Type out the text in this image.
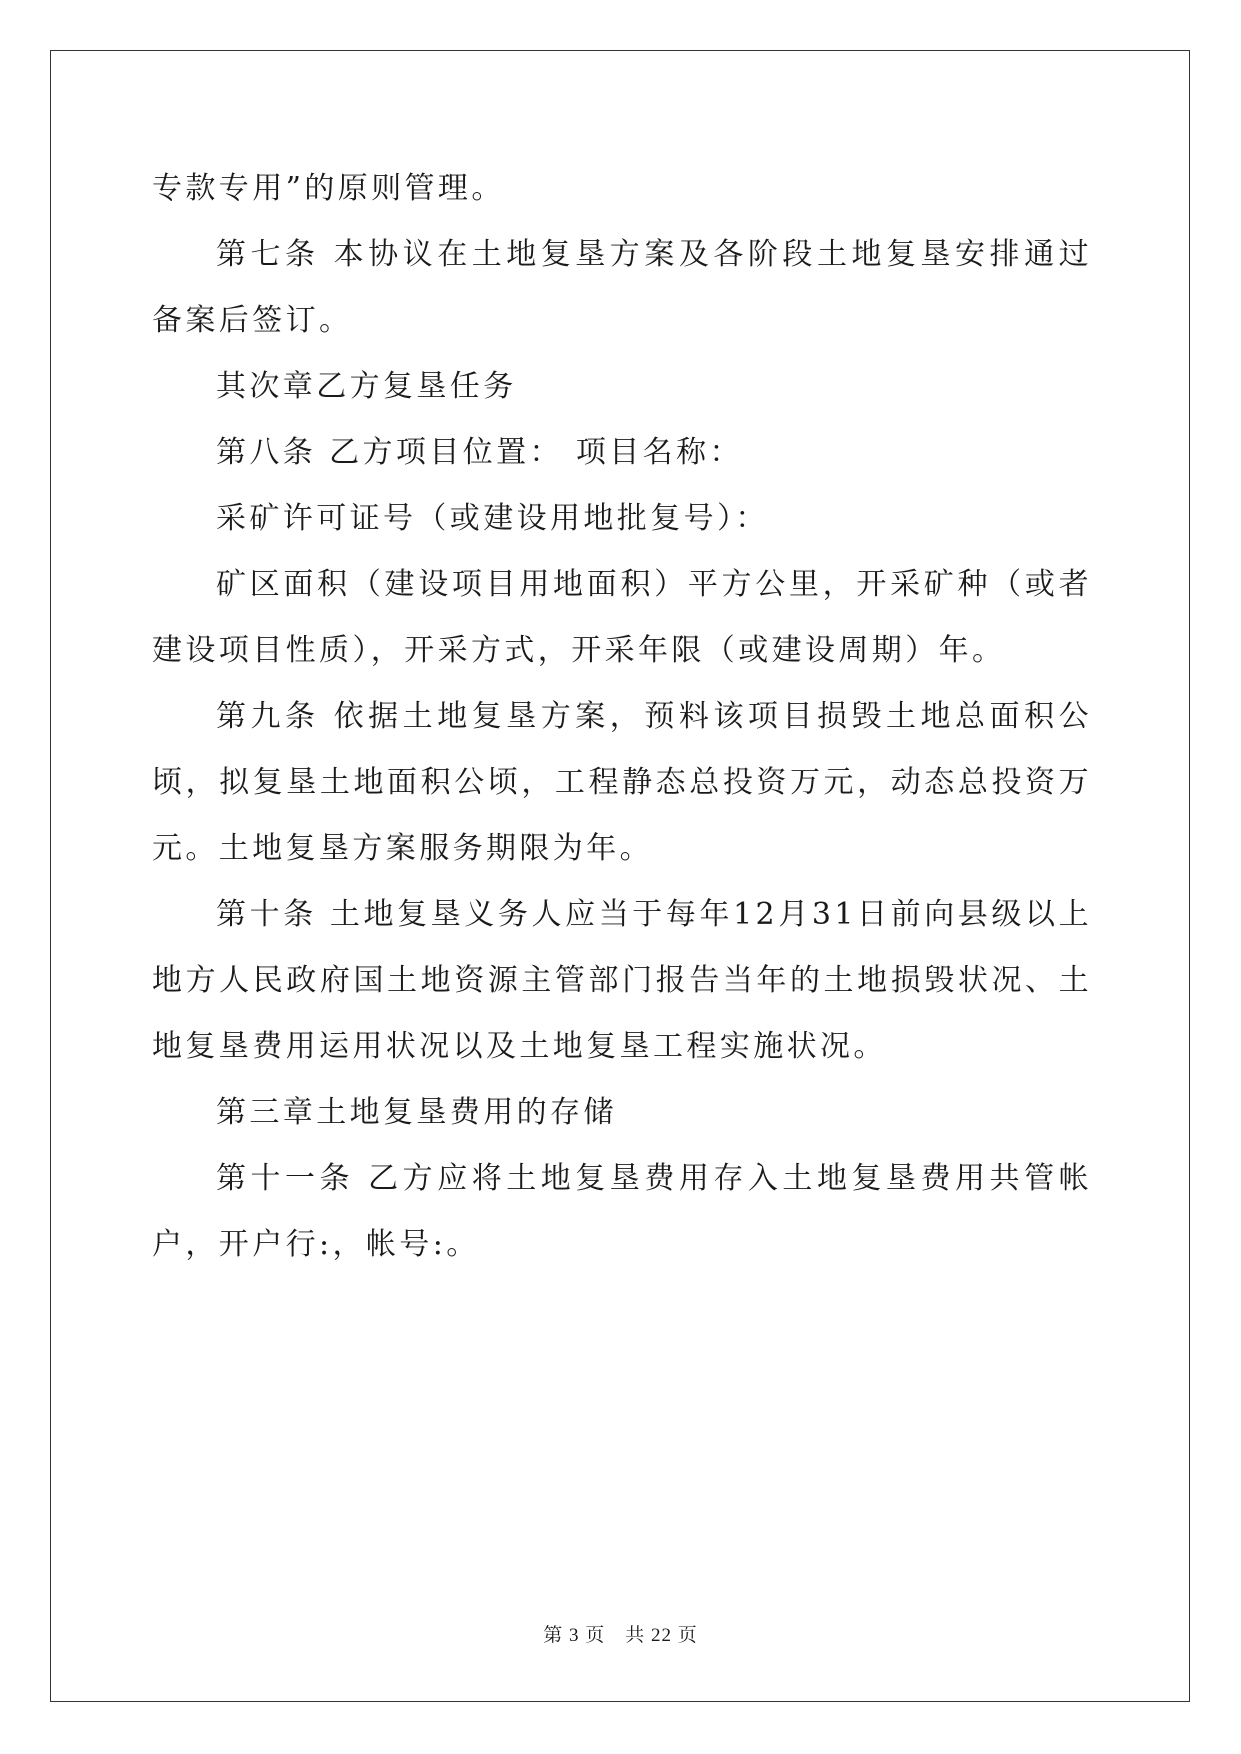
专款专用”的原则管理。

第七条 本协议在土地复垦方案及各阶段土地复垦安排通过备案后签订。

其次章乙方复垦任务

第八条 乙方项目位置： 项目名称：

采矿许可证号（或建设用地批复号）：

矿区面积（建设项目用地面积）平方公里，开采矿种（或者建设项目性质），开采方式，开采年限（或建设周期）年。

第九条 依据土地复垦方案，预料该项目损毁土地总面积公顷，拟复垦土地面积公顷，工程静态总投资万元，动态总投资万元。土地复垦方案服务期限为年。

第十条 土地复垦义务人应当于每年12月31日前向县级以上地方人民政府国土地资源主管部门报告当年的土地损毁状况、土地复垦费用运用状况以及土地复垦工程实施状况。

第三章土地复垦费用的存储

第十一条 乙方应将土地复垦费用存入土地复垦费用共管帐户，开户行:，帐号:。

第 3 页　共 22 页
